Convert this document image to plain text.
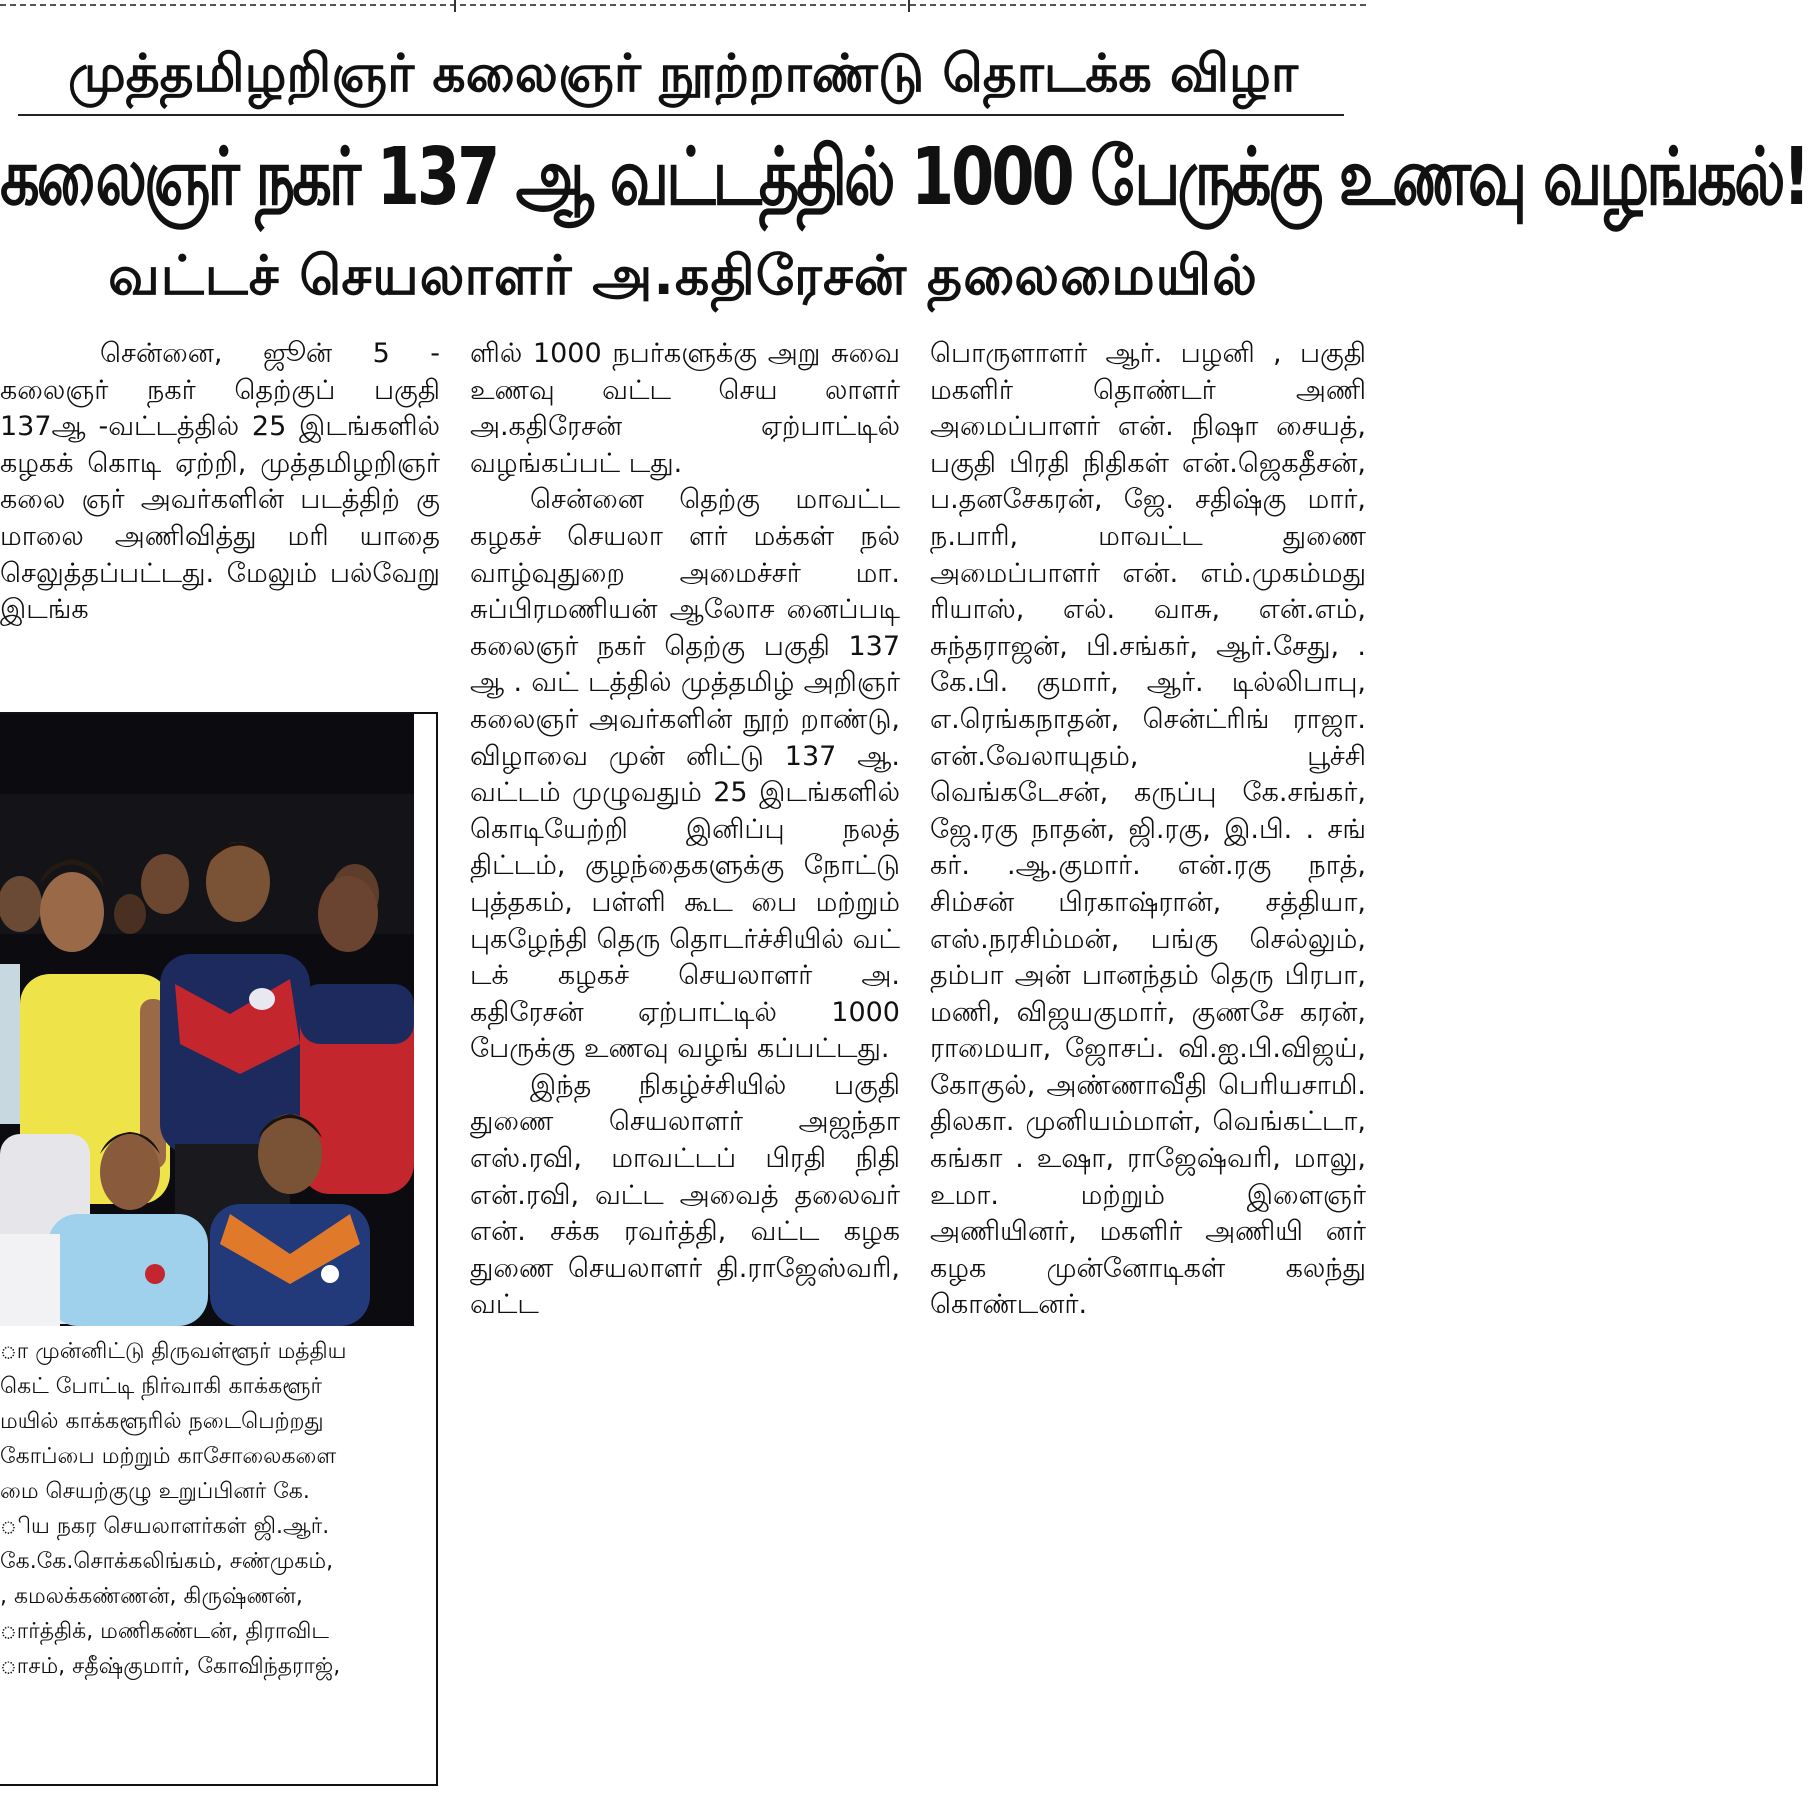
முத்தமிழறிஞர் கலைஞர் நூற்றாண்டு தொடக்க விழா
கலைஞர் நகர் 137 ஆ வட்டத்தில் 1000 பேருக்கு உணவு வழங்கல்!
வட்டச் செயலாளர் அ.கதிரேசன் தலைமையில்

சென்னை, ஜூன் 5 - கலைஞர் நகர் தெற்குப் பகுதி 137ஆ -வட்டத்தில் 25 இடங்களில் கழகக் கொடி ஏற்றி, முத்தமிழறிஞர் கலை ஞர் அவர்களின் படத்திற் கு மாலை அணிவித்து மரி யாதை செலுத்தப்பட்டது. மேலும் பல்வேறு இடங்க

ா முன்னிட்டு திருவள்ளூர் மத்திய

கெட் போட்டி நிர்வாகி காக்களூர்

மயில் காக்களூரில் நடைபெற்றது

கோப்பை மற்றும் காசோலைகளை

மை செயற்குழு உறுப்பினர் கே.

ிய நகர செயலாளர்கள் ஜி.ஆர்.

கே.கே.சொக்கலிங்கம், சண்முகம்,

, கமலக்கண்ணன், கிருஷ்ணன்,

ார்த்திக், மணிகண்டன், திராவிட

ாசம், சதீஷ்குமார், கோவிந்தராஜ்,

ளில் 1000 நபர்களுக்கு அறு சுவை உணவு வட்ட செய லாளர் அ.கதிரேசன் ஏற்பாட்டில் வழங்கப்பட் டது.

சென்னை தெற்கு மாவட்ட கழகச் செயலா ளர் மக்கள் நல் வாழ்வுதுறை அமைச்சர் மா. சுப்பிரமணியன் ஆலோச னைப்படி கலைஞர் நகர் தெற்கு பகுதி 137 ஆ . வட் டத்தில் முத்தமிழ் அறிஞர் கலைஞர் அவர்களின் நூற் றாண்டு, விழாவை முன் னிட்டு 137 ஆ. வட்டம் முழுவதும் 25 இடங்களில் கொடியேற்றி இனிப்பு நலத் திட்டம், குழந்தைகளுக்கு நோட்டு புத்தகம், பள்ளி கூட பை மற்றும் புகழேந்தி தெரு தொடர்ச்சியில் வட் டக் கழகச் செயலாளர் அ. கதிரேசன் ஏற்பாட்டில் 1000 பேருக்கு உணவு வழங் கப்பட்டது.

இந்த நிகழ்ச்சியில் பகுதி துணை செயலாளர் அஜந்தா எஸ்.ரவி, மாவட்டப் பிரதி நிதி என்.ரவி, வட்ட அவைத் தலைவர் என். சக்க ரவர்த்தி, வட்ட கழக துணை செயலாளர் தி.ராஜேஸ்வரி, வட்ட

பொருளாளர் ஆர். பழனி , பகுதி மகளிர் தொண்டர் அணி அமைப்பாளர் என். நிஷா சையத், பகுதி பிரதி நிதிகள் என்.ஜெகதீசன், ப.தனசேகரன், ஜே. சதிஷ்கு மார், ந.பாரி, மாவட்ட துணை அமைப்பாளர் என். எம்.முகம்மது ரியாஸ், எல். வாசு, என்.எம், சுந்தராஜன், பி.சங்கர், ஆர்.சேது, . கே.பி. குமார், ஆர். டில்லிபாபு, எ.ரெங்கநாதன், சென்ட்ரிங் ராஜா. என்.வேலாயுதம், பூச்சி வெங்கடேசன், கருப்பு கே.சங்கர், ஜே.ரகு நாதன், ஜி.ரகு, இ.பி. . சங் கர். .ஆ.குமார். என்.ரகு நாத், சிம்சன் பிரகாஷ்ரான், சத்தியா, எஸ்.நரசிம்மன், பங்கு செல்லும், தம்பா அன் பானந்தம் தெரு பிரபா, மணி, விஜயகுமார், குணசே கரன், ராமையா, ஜோசப். வி.ஐ.பி.விஜய், கோகுல், அண்ணாவீதி பெரியசாமி. திலகா. முனியம்மாள், வெங்கட்டா, கங்கா . உஷா, ராஜேஷ்வரி, மாலு, உமா. மற்றும் இளைஞர் அணியினர், மகளிர் அணியி னர் கழக முன்னோடிகள் கலந்து கொண்டனர்.
